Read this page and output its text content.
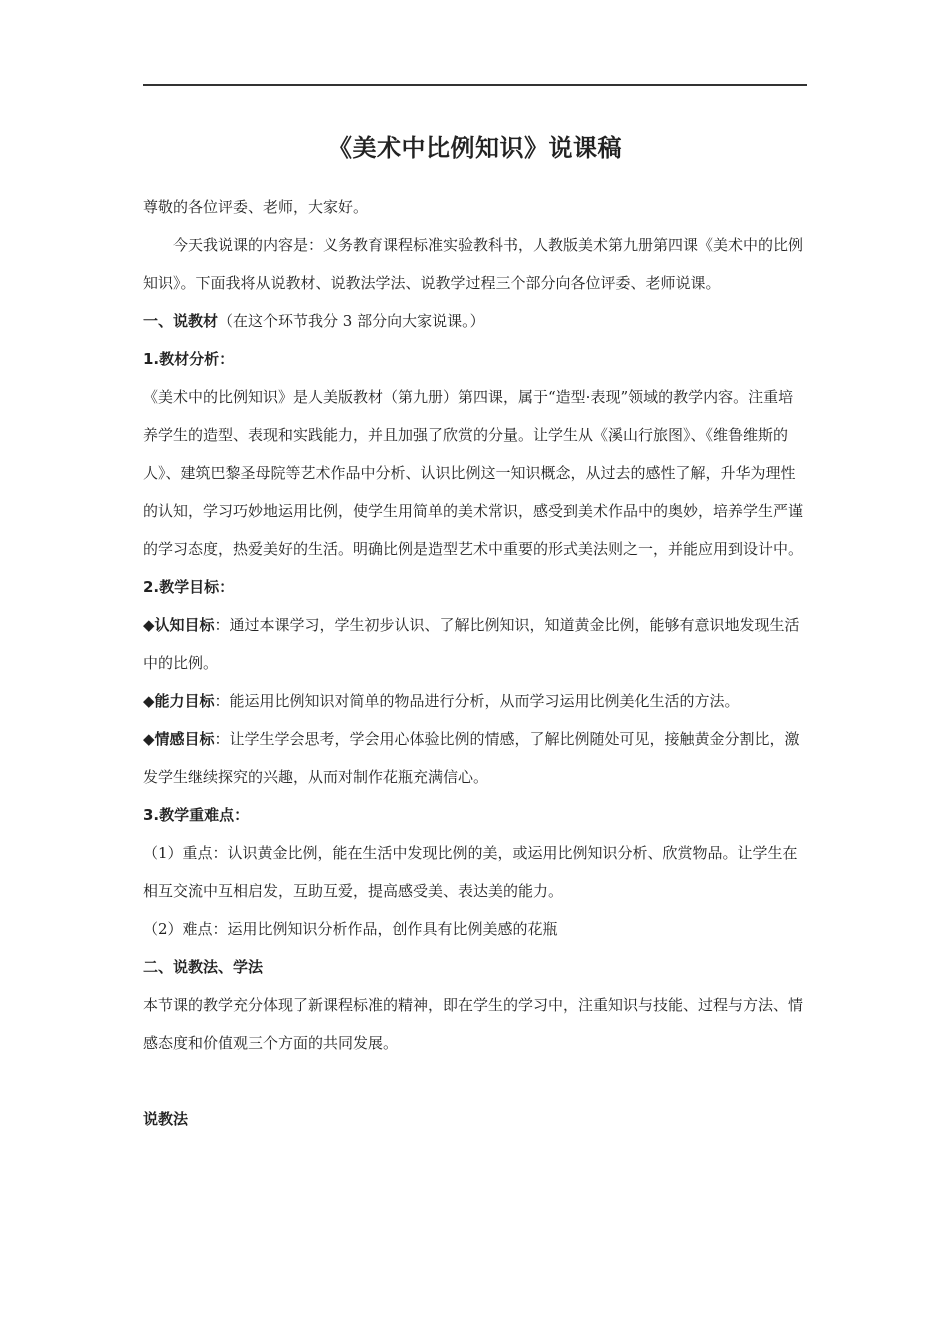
《美术中比例知识》说课稿

尊敬的各位评委、老师，大家好。

今天我说课的内容是：义务教育课程标准实验教科书，人教版美术第九册第四课《美术中的比例知识》。下面我将从说教材、说教法学法、说教学过程三个部分向各位评委、老师说课。

一、说教材（在这个环节我分 3 部分向大家说课。）

1.教材分析：

《美术中的比例知识》是人美版教材（第九册）第四课，属于“造型·表现”领域的教学内容。注重培养学生的造型、表现和实践能力，并且加强了欣赏的分量。让学生从《溪山行旅图》、《维鲁维斯的人》、建筑巴黎圣母院等艺术作品中分析、认识比例这一知识概念，从过去的感性了解，升华为理性的认知，学习巧妙地运用比例，使学生用简单的美术常识，感受到美术作品中的奥妙，培养学生严谨的学习态度，热爱美好的生活。明确比例是造型艺术中重要的形式美法则之一，并能应用到设计中。

2.教学目标：

◆认知目标：通过本课学习，学生初步认识、了解比例知识，知道黄金比例，能够有意识地发现生活中的比例。

◆能力目标：能运用比例知识对简单的物品进行分析，从而学习运用比例美化生活的方法。

◆情感目标：让学生学会思考，学会用心体验比例的情感，了解比例随处可见，接触黄金分割比，激发学生继续探究的兴趣，从而对制作花瓶充满信心。

3.教学重难点：

（1）重点：认识黄金比例，能在生活中发现比例的美，或运用比例知识分析、欣赏物品。让学生在相互交流中互相启发，互助互爱，提高感受美、表达美的能力。

（2）难点：运用比例知识分析作品，创作具有比例美感的花瓶

二、说教法、学法

本节课的教学充分体现了新课程标准的精神，即在学生的学习中，注重知识与技能、过程与方法、情感态度和价值观三个方面的共同发展。

说教法
